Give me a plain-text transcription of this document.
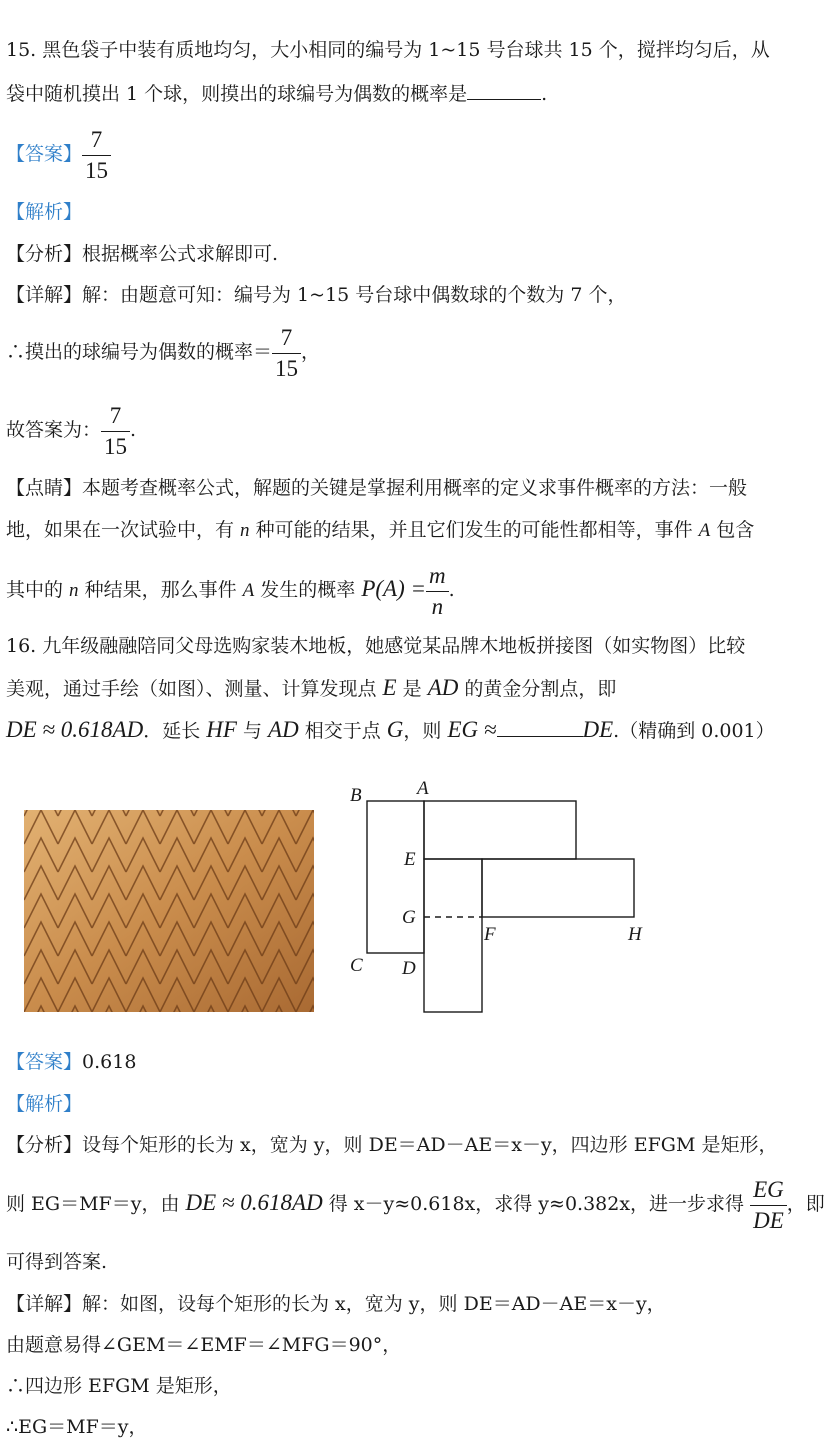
15. 黑色袋子中装有质地均匀，大小相同的编号为 1~15 号台球共 15 个，搅拌均匀后，从
袋中随机摸出 1 个球，则摸出的球编号为偶数的概率是	.
【答案】 $\frac{7}{15}$
【解析】
【分析】根据概率公式求解即可.
【详解】解：由题意可知：编号为 1~15 号台球中偶数球的个数为 7 个，
∴摸出的球编号为偶数的概率＝ $\frac{7}{15}$ ，
故答案为： $\frac{7}{15}$ .
【点睛】本题考查概率公式，解题的关键是掌握利用概率的定义求事件概率的方法：一般
地，如果在一次试验中，有 n 种可能的结果，并且它们发生的可能性都相等，事件 A 包含
其中的 n 种结果，那么事件 A 发生的概率 $P(A) = \frac{m}{n}$ .
16. 九年级融融陪同父母选购家装木地板，她感觉某品牌木地板拼接图（如实物图）比较
美观，通过手绘（如图）、测量、计算发现点 E 是 AD 的黄金分割点，即
DE ≈ 0.618AD．延长 HF 与 AD 相交于点 G，则 EG ≈	DE.（精确到 0.001）
B	A
E
G
F	H
C D
【答案】0.618
【解析】
【分析】设每个矩形的长为 x，宽为 y，则 DE＝AD－AE＝x－y，四边形 EFGM 是矩形，
则 EG＝MF＝y，由 DE ≈ 0.618AD 得 x－y≈0.618x，求得 y≈0.382x，进一步求得 $\frac{EG}{DE}$ ，即
可得到答案.
【详解】解：如图，设每个矩形的长为 x，宽为 y，则 DE＝AD－AE＝x－y，
由题意易得∠GEM＝∠EMF＝∠MFG＝90°，
∴四边形 EFGM 是矩形，
∴EG＝MF＝y，
